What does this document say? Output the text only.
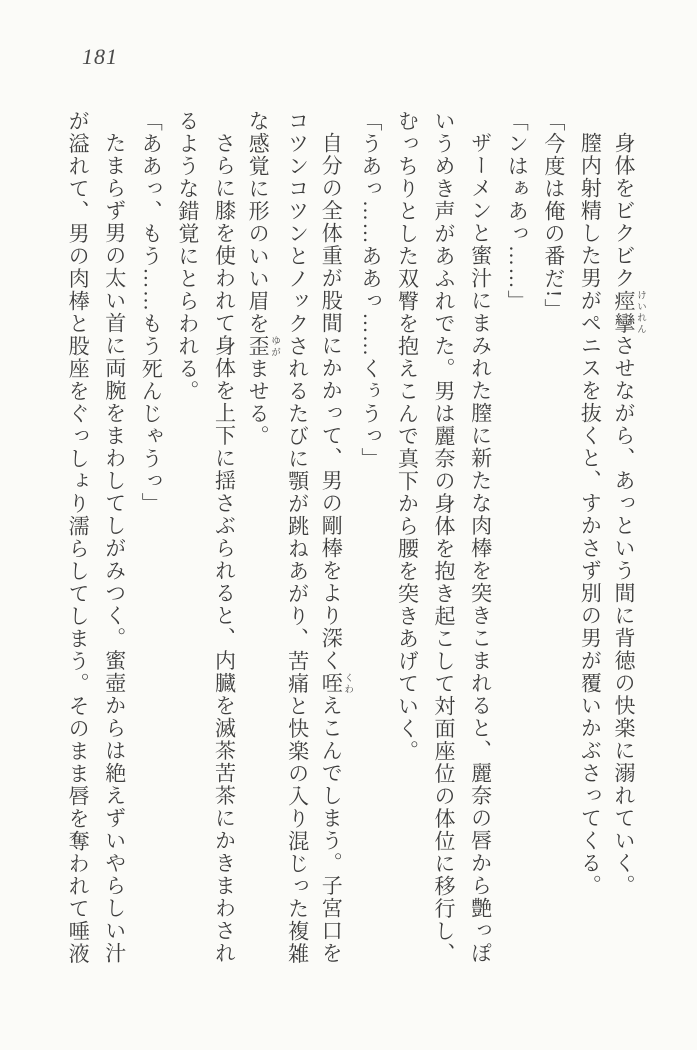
181
身体をビクビク痙攣 けいれんさせながら、あっという間に背徳の快楽に溺れていく。
膣内射精した男がペニスを抜くと、すかさず別の男が覆いかぶさってくる。
「今度は俺の番だ!」
「ンはぁあっ……」
ザーメンと蜜汁にまみれた膣に新たな肉棒を突きこまれると、麗奈の唇から艶っぽ
いうめき声があふれでた。男は麗奈の身体を抱き起こして対面座位の体位に移行し、
むっちりとした双臀を抱えこんで真下から腰を突きあげていく。
「うあっ……ああっ……くぅうっ」
自分の全体重が股間にかかって、男の剛棒をより深く咥 くわえこんでしまう。子宮口を
コツンコツンとノックされるたびに顎が跳ねあがり、苦痛と快楽の入り混じった複雑
な感覚に形のいい眉を歪 ゆがませる。
さらに膝を使われて身体を上下に揺さぶられると、内臓を滅茶苦茶にかきまわされ
るような錯覚にとらわれる。
「ああっ、もう……もう死んじゃうっ」
たまらず男の太い首に両腕をまわしてしがみつく。蜜壺からは絶えずいやらしい汁
が溢れて、男の肉棒と股座をぐっしょり濡らしてしまう。そのまま唇を奪われて唾液
